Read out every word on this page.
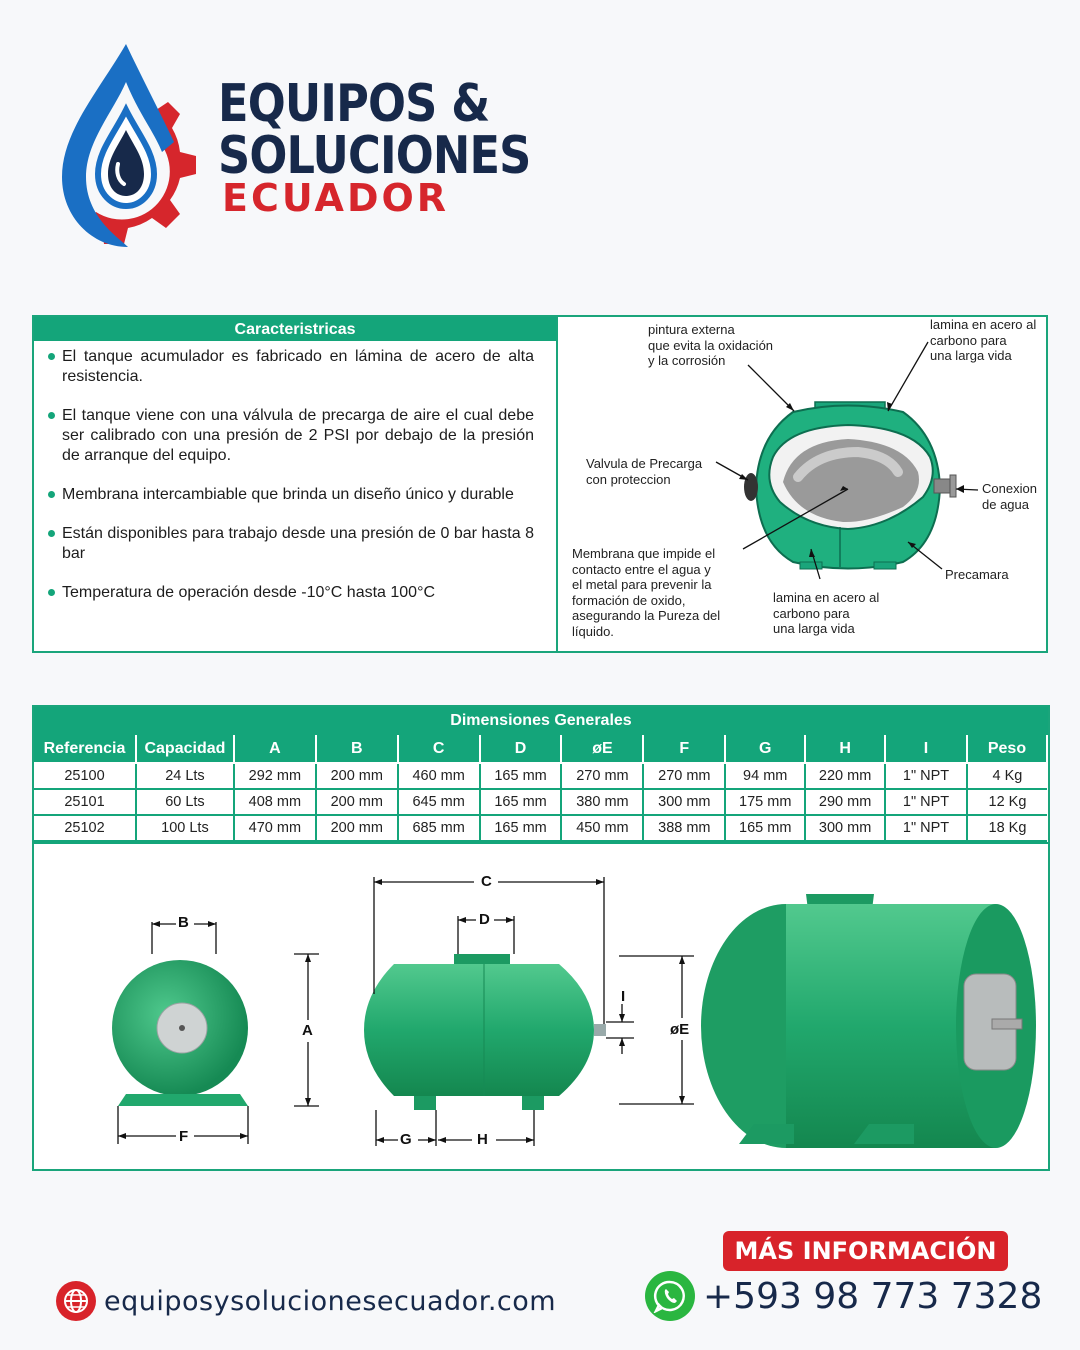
EQUIPOS &
SOLUCIONES
ECUADOR
Caracteristricas
El tanque acumulador es fabricado en lámina de acero de alta resistencia.
El tanque viene con una válvula de precarga de aire el cual debe ser calibrado con una presión de 2 PSI por debajo de la presión de arranque del equipo.
Membrana intercambiable que brinda un diseño único y durable
Están disponibles para trabajo desde una presión de 0 bar hasta 8 bar
Temperatura de operación desde -10°C hasta 100°C
pintura externa
que evita la oxidación
y la corrosión
lamina en acero al
carbono para
una larga vida
Valvula de Precarga
con proteccion
Conexion
de agua
Membrana que impide el
contacto entre el agua y
el metal para prevenir la
formación de oxido,
asegurando la Pureza del
líquido.
lamina en acero al
carbono para
una larga vida
Precamara
Dimensiones Generales
Referencia	Capacidad	A	B	C	D	øE	F	G	H	I	Peso
25100	24 Lts	292 mm	200 mm	460 mm	165 mm	270 mm	270 mm	94 mm	220 mm	1" NPT	4 Kg
25101	60 Lts	408 mm	200 mm	645 mm	165 mm	380 mm	300 mm	175 mm	290 mm	1" NPT	12 Kg
25102	100 Lts	470 mm	200 mm	685 mm	165 mm	450 mm	388 mm	165 mm	300 mm	1" NPT	18 Kg
B
A
F
C
D
øE
I
G	H
equiposysolucionesecuador.com
MÁS INFORMACIÓN
+593 98 773 7328
